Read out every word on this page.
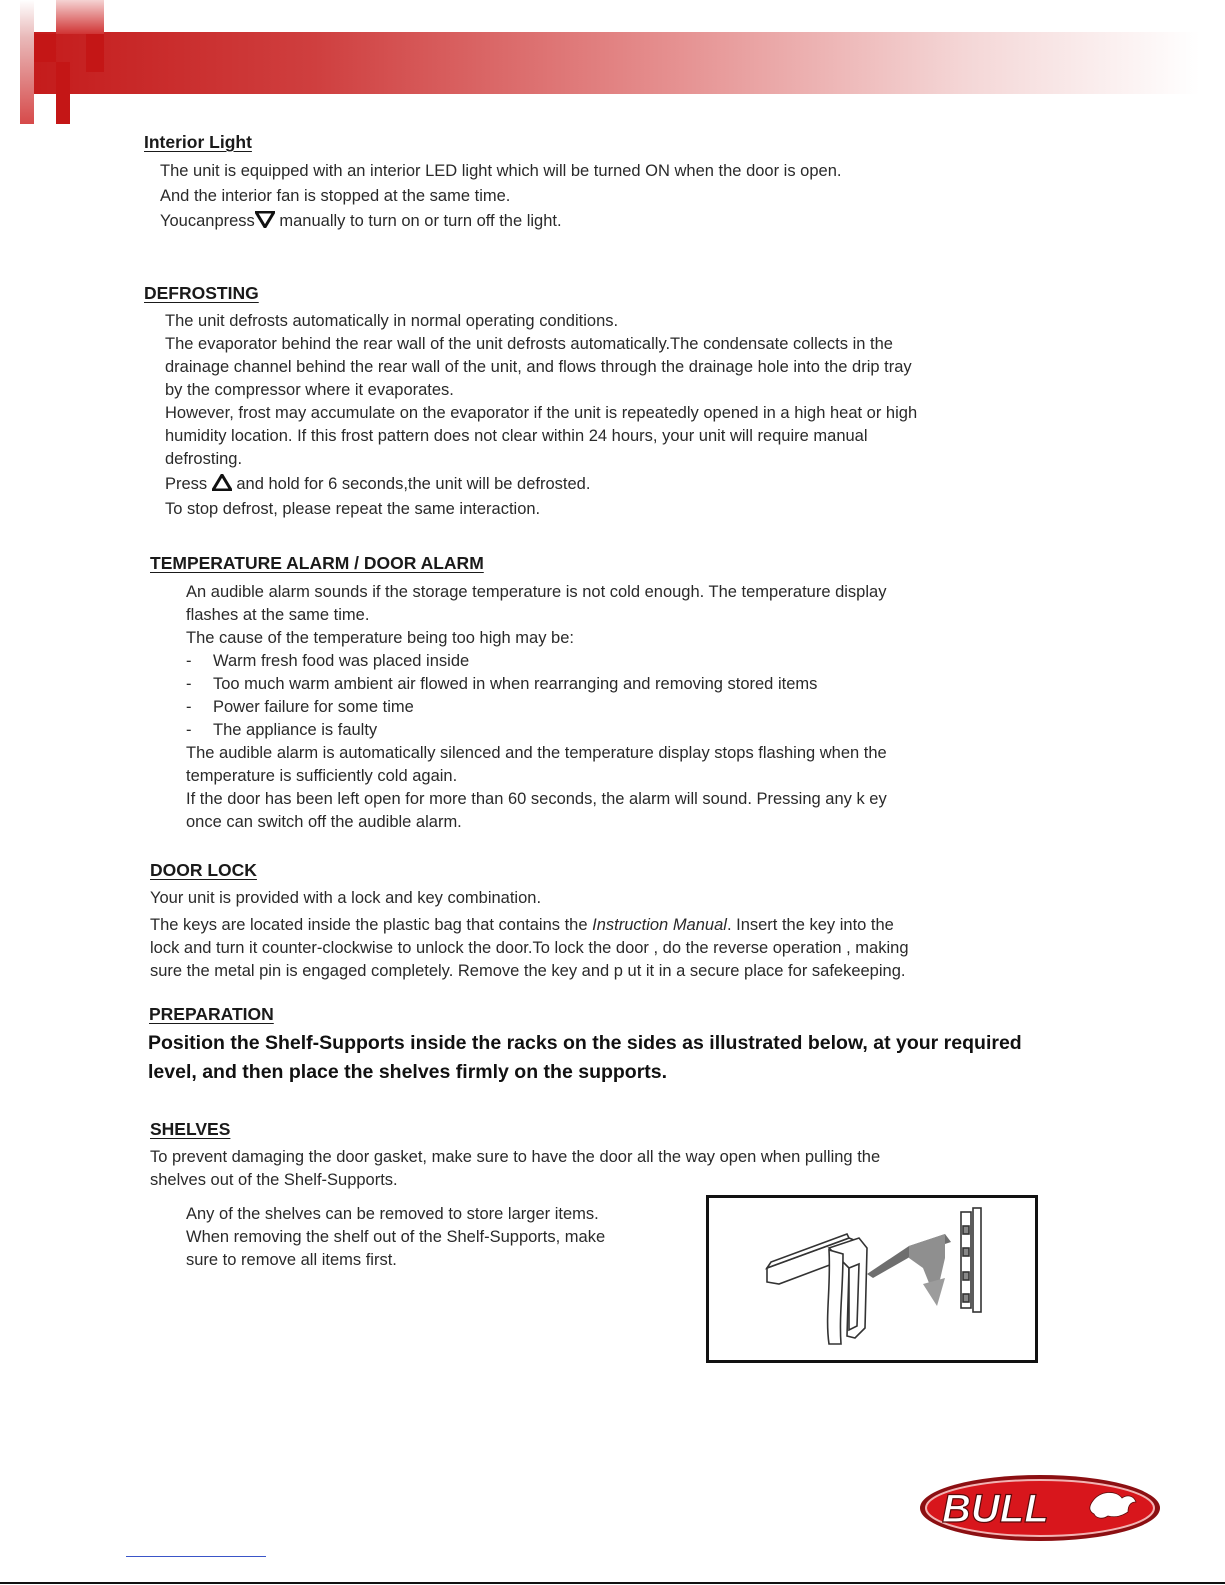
Interior Light
The unit is equipped with an interior LED light which will be turned ON when the door is open.
And the interior fan is stopped at the same time.
Youcanpress manually to turn on or turn off the light.
DEFROSTING
The unit defrosts automatically in normal operating conditions.
The evaporator behind the rear wall of the unit defrosts automatically.The condensate collects in the
drainage channel behind the rear wall of the unit, and flows through the drainage hole into the drip tray
by the compressor where it evaporates.
However, frost may accumulate on the evaporator if the unit is repeatedly opened in a high heat or high
humidity location. If this frost pattern does not clear within 24 hours, your unit will require manual
defrosting.
Press and hold for 6 seconds,the unit will be defrosted.
To stop defrost, please repeat the same interaction.
TEMPERATURE ALARM / DOOR ALARM
An audible alarm sounds if the storage temperature is not cold enough. The temperature display
flashes at the same time.
The cause of the temperature being too high may be:
- Warm fresh food was placed inside
- Too much warm ambient air flowed in when rearranging and removing stored items
- Power failure for some time
- The appliance is faulty
The audible alarm is automatically silenced and the temperature display stops flashing when the
temperature is sufficiently cold again.
If the door has been left open for more than 60 seconds, the alarm will sound. Pressing any k ey
once can switch off the audible alarm.
DOOR LOCK
Your unit is provided with a lock and key combination.
The keys are located inside the plastic bag that contains the Instruction Manual. Insert the key into the
lock and turn it counter-clockwise to unlock the door.To lock the door , do the reverse operation , making
sure the metal pin is engaged completely. Remove the key and p ut it in a secure place for safekeeping.
PREPARATION
Position the Shelf-Supports inside the racks on the sides as illustrated below, at your required
level, and then place the shelves firmly on the supports.
SHELVES
To prevent damaging the door gasket, make sure to have the door all the way open when pulling the
shelves out of the Shelf-Supports.
Any of the shelves can be removed to store larger items.
When removing the shelf out of the Shelf-Supports, make
sure to remove all items first.
BULL
